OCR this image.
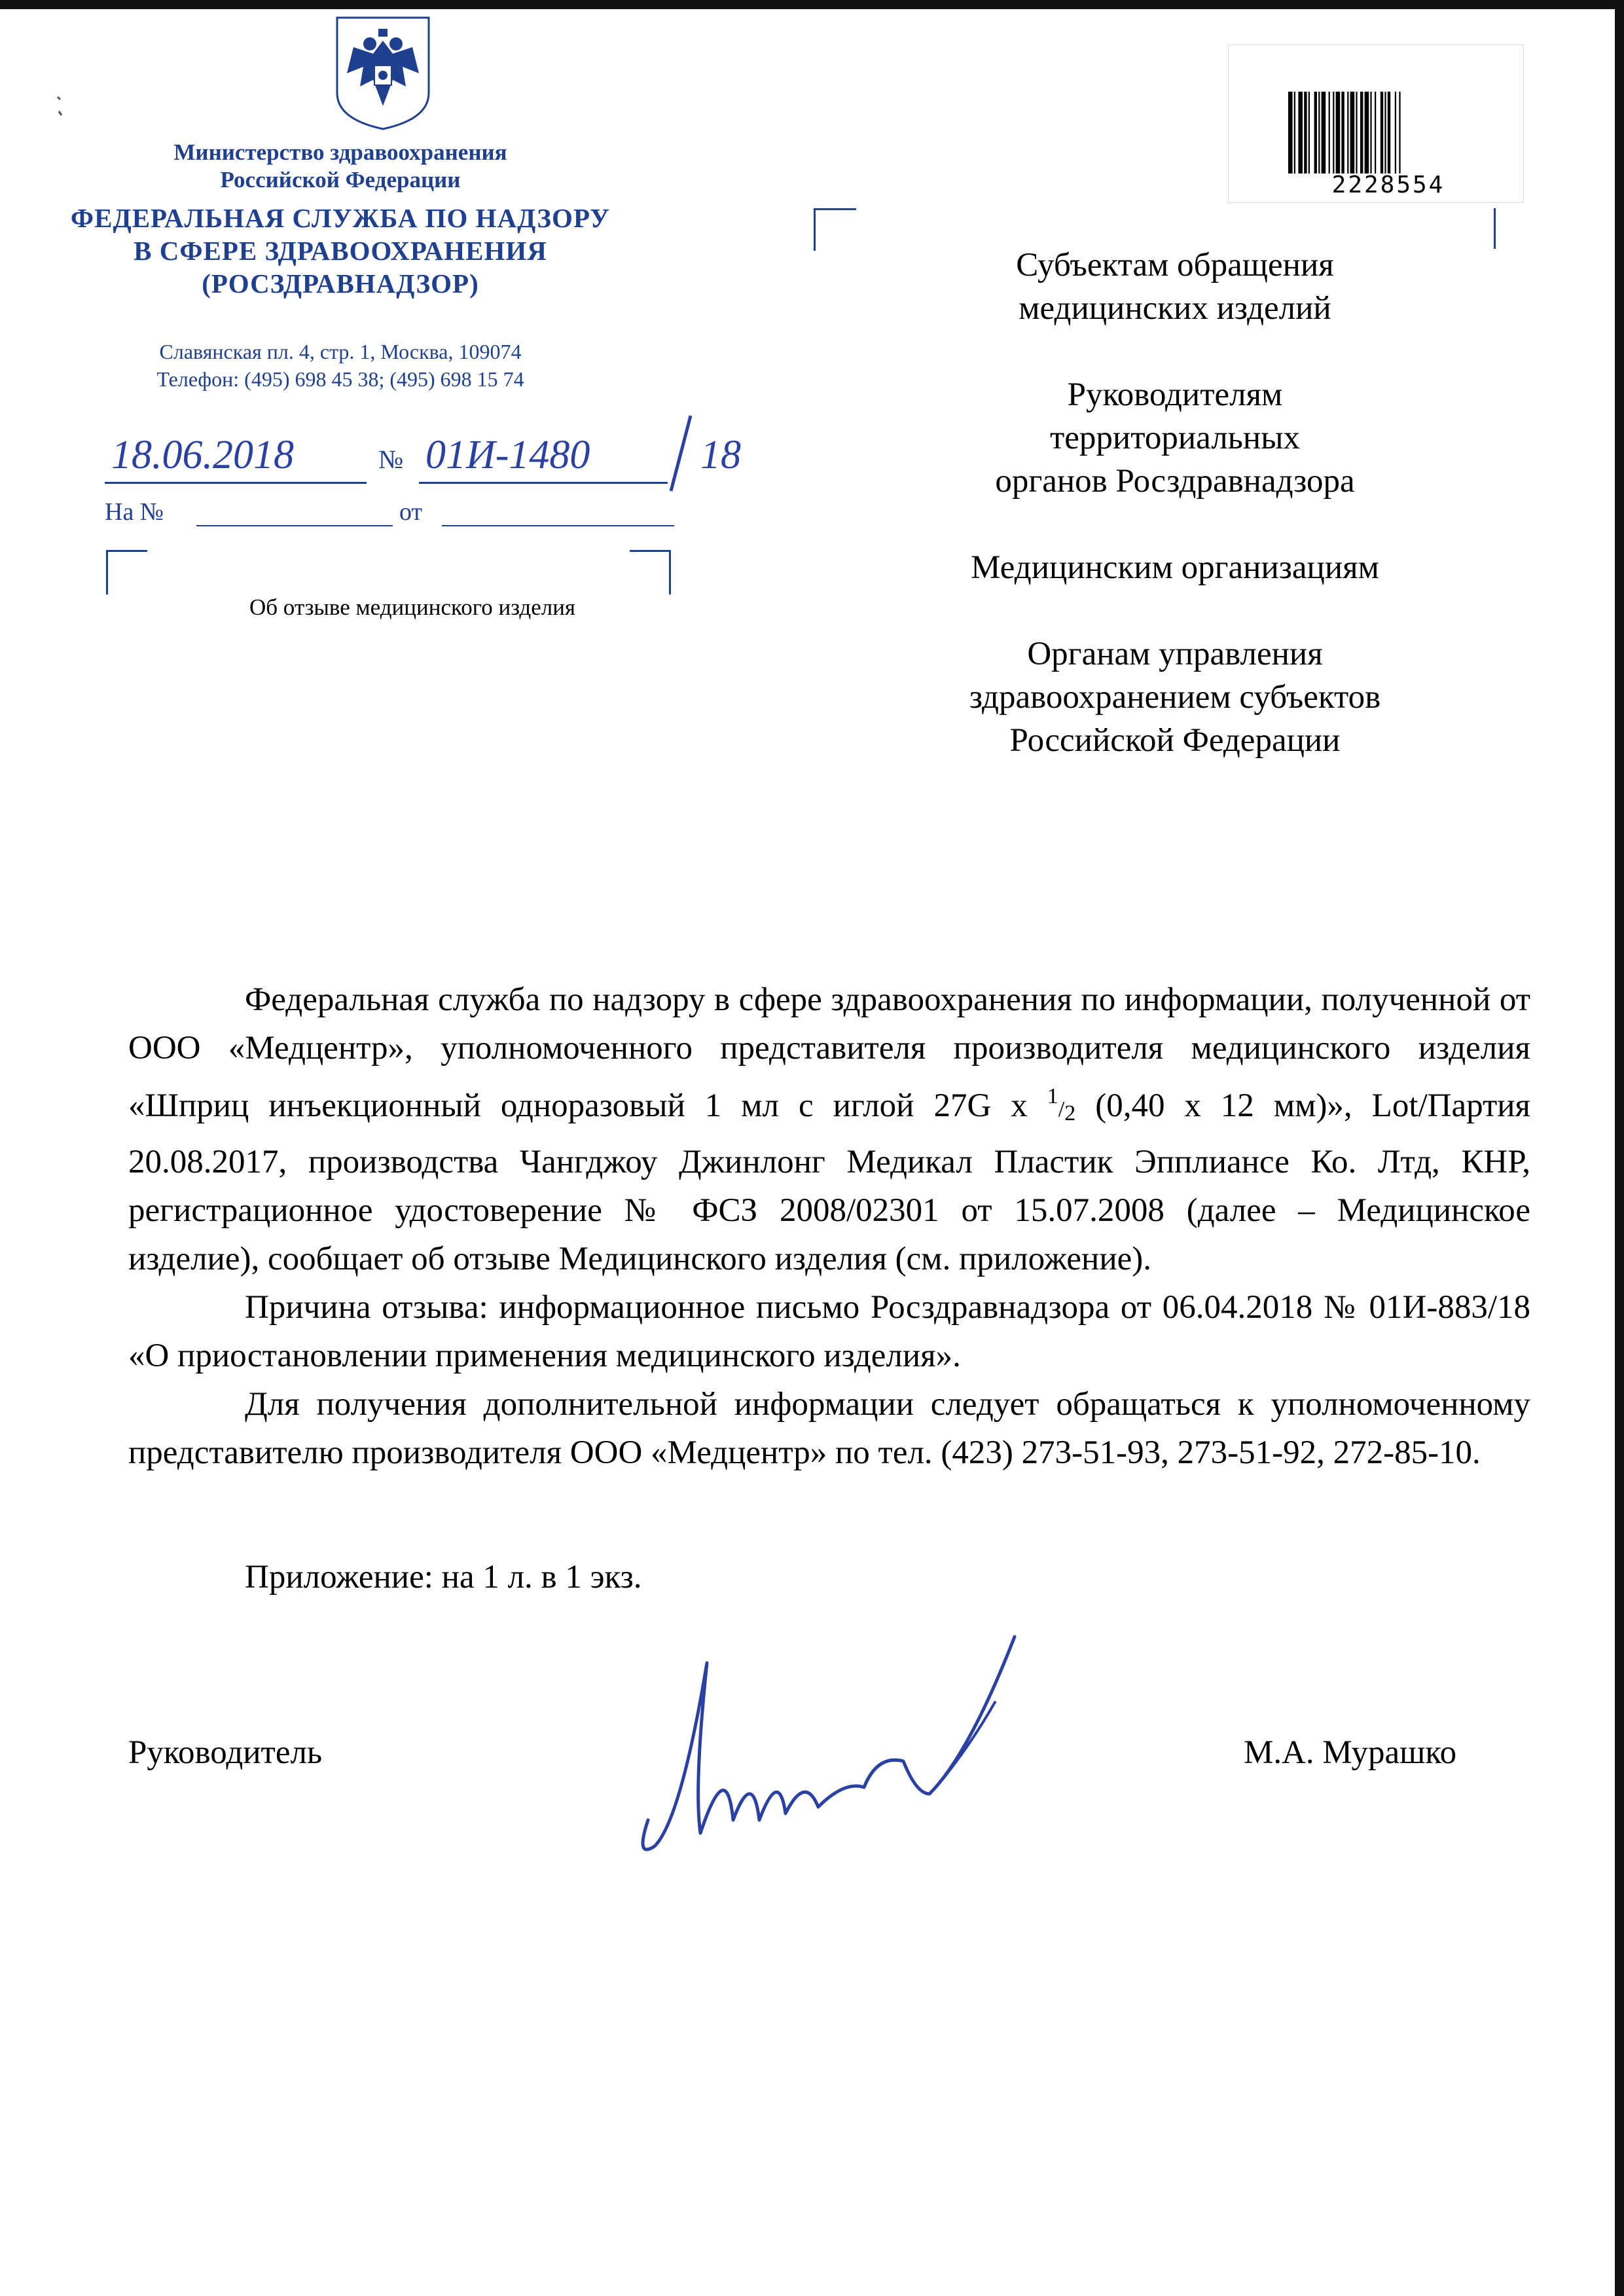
Министерство здравоохранения
Российской Федерации
ФЕДЕРАЛЬНАЯ СЛУЖБА ПО НАДЗОРУ
В СФЕРЕ ЗДРАВООХРАНЕНИЯ
(РОСЗДРАВНАДЗОР)
Славянская пл. 4, стр. 1, Москва, 109074
Телефон: (495) 698 45 38; (495) 698 15 74
18.06.2018	№ 01И-1480	18
На №	от
Об отзыве медицинского изделия
2228554
Субъектам обращения
медицинских изделий
Руководителям
территориальных
органов Росздравнадзора
Медицинским организациям
Органам управления
здравоохранением субъектов
Российской Федерации

Федеральная служба по надзору в сфере здравоохранения по информации, полученной от ООО «Медцентр», уполномоченного представителя производителя медицинского изделия «Шприц инъекционный одноразовый 1 мл с иглой 27G x 1/2 (0,40 x 12 мм)», Lot/Партия 20.08.2017, производства Чангджоу Джинлонг Медикал Пластик Эпплиансе Ко. Лтд, КНР, регистрационное удостоверение № ФСЗ 2008/02301 от 15.07.2008 (далее – Медицинское изделие), сообщает об отзыве Медицинского изделия (см. приложение).

Причина отзыва: информационное письмо Росздравнадзора от 06.04.2018 № 01И-883/18 «О приостановлении применения медицинского изделия».

Для получения дополнительной информации следует обращаться к уполномоченному представителю производителя ООО «Медцентр» по тел. (423) 273-51-93, 273-51-92, 272-85-10.

Приложение: на 1 л. в 1 экз.
Руководитель	М.А. Мурашко
